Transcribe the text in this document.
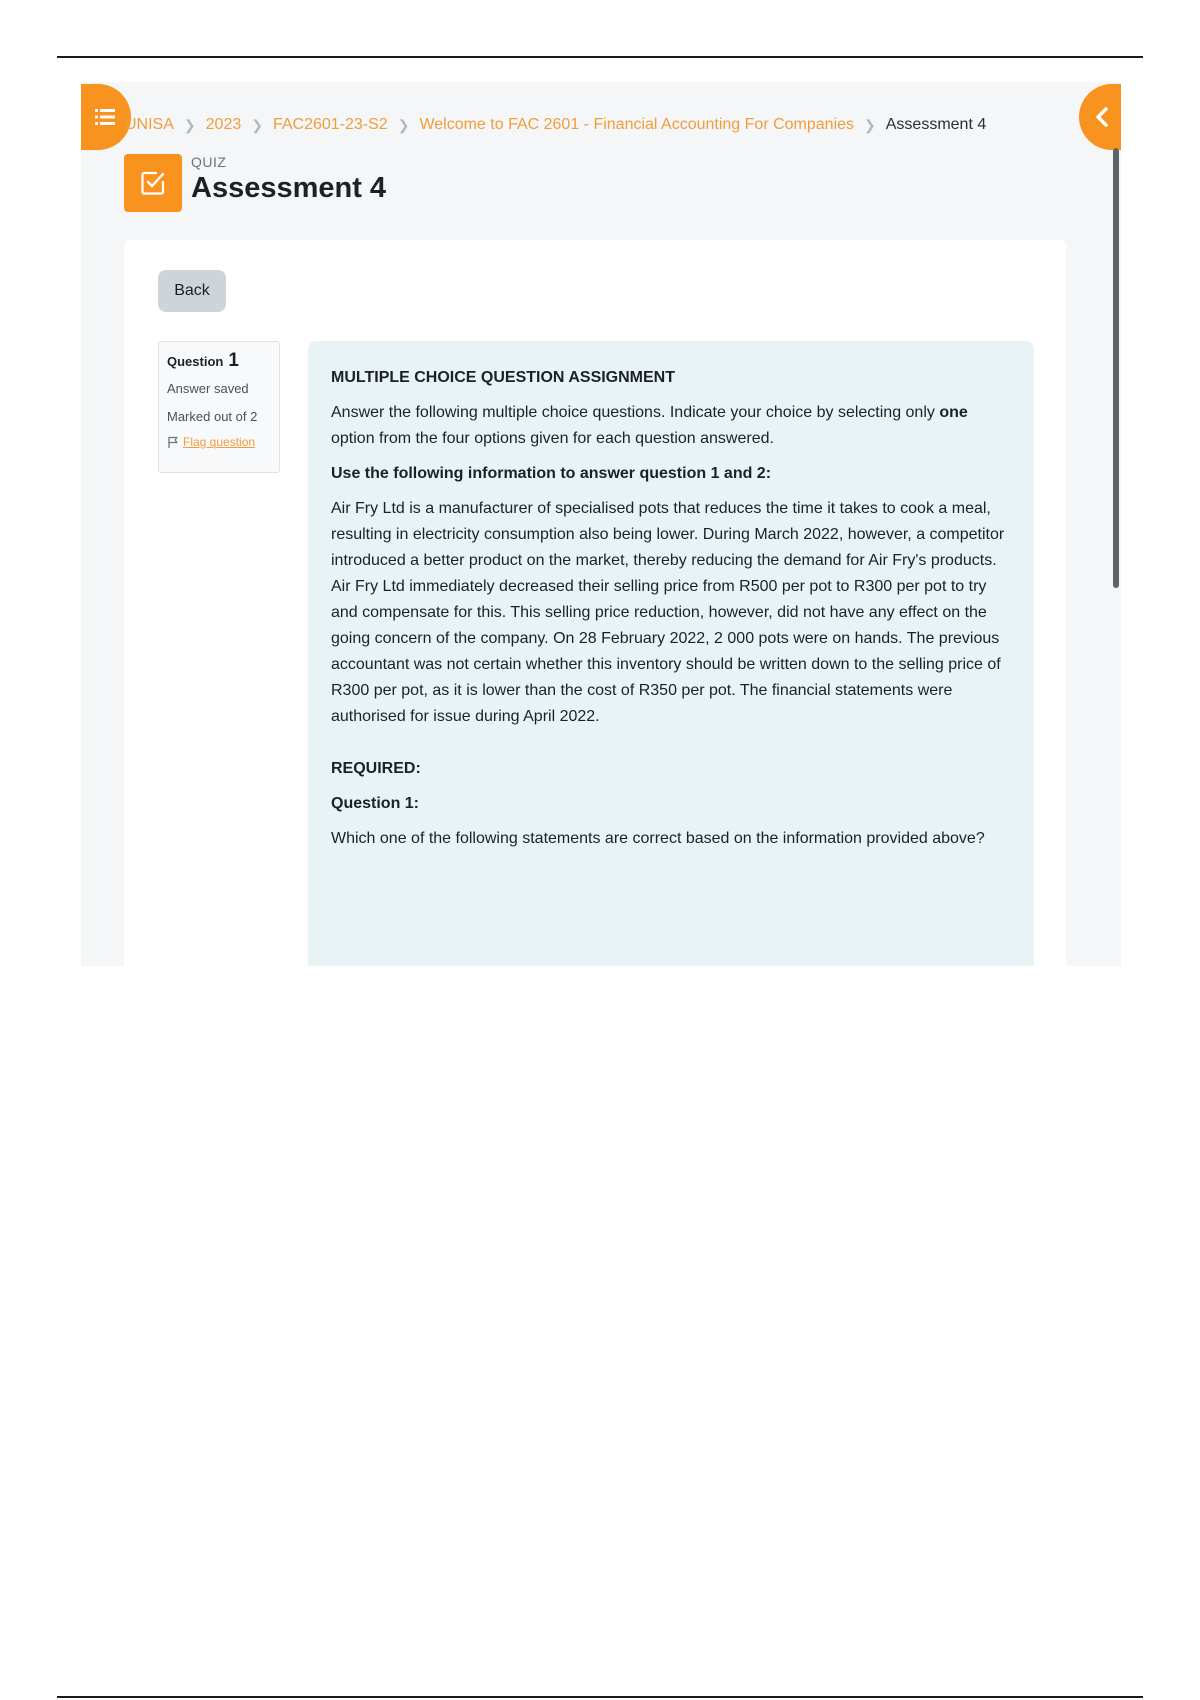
UNISA ❯ 2023 ❯ FAC2601-23-S2 ❯ Welcome to FAC 2601 - Financial Accounting For Companies ❯ Assessment 4
QUIZ
Assessment 4
Back
Question 1
Answer saved
Marked out of 2
Flag question

MULTIPLE CHOICE QUESTION ASSIGNMENT

Answer the following multiple choice questions. Indicate your choice by selecting only one option from the four options given for each question answered.

Use the following information to answer question 1 and 2:

Air Fry Ltd is a manufacturer of specialised pots that reduces the time it takes to cook a meal, resulting in electricity consumption also being lower. During March 2022, however, a competitor introduced a better product on the market, thereby reducing the demand for Air Fry's products. Air Fry Ltd immediately decreased their selling price from R500 per pot to R300 per pot to try and compensate for this. This selling price reduction, however, did not have any effect on the going concern of the company. On 28 February 2022, 2 000 pots were on hands. The previous accountant was not certain whether this inventory should be written down to the selling price of R300 per pot, as it is lower than the cost of R350 per pot. The financial statements were authorised for issue during April 2022.

REQUIRED:

Question 1:

Which one of the following statements are correct based on the information provided above?
